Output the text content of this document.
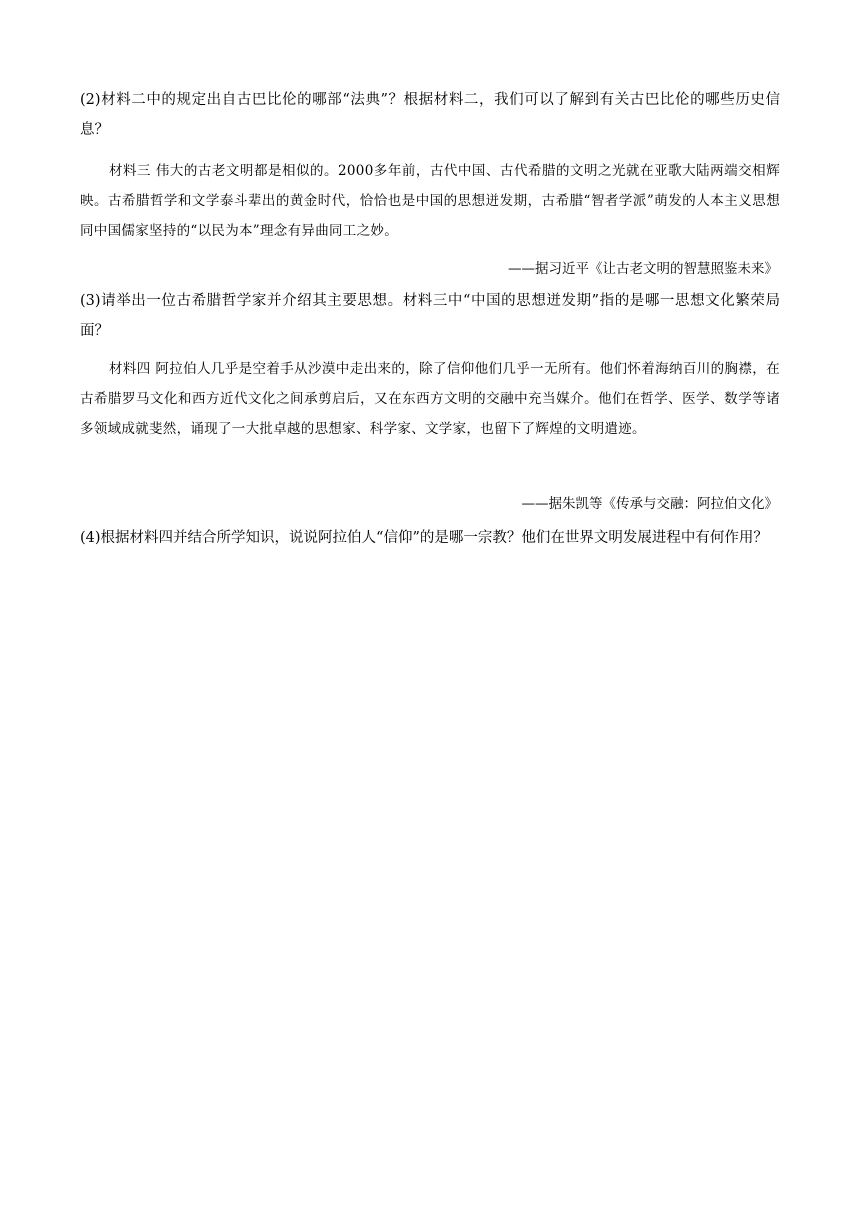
(2)材料二中的规定出自古巴比伦的哪部“法典”？根据材料二，我们可以了解到有关古巴比伦的哪些历史信息？

材料三 伟大的古老文明都是相似的。2000多年前，古代中国、古代希腊的文明之光就在亚歌大陆两端交相辉映。古希腊哲学和文学泰斗辈出的黄金时代，恰恰也是中国的思想迸发期，古希腊“智者学派”萌发的人本主义思想同中国儒家坚持的“以民为本”理念有异曲同工之妙。

——据习近平《让古老文明的智慧照鉴未来》

(3)请举出一位古希腊哲学家并介绍其主要思想。材料三中“中国的思想迸发期”指的是哪一思想文化繁荣局面？

材料四 阿拉伯人几乎是空着手从沙漠中走出来的，除了信仰他们几乎一无所有。他们怀着海纳百川的胸襟，在古希腊罗马文化和西方近代文化之间承剪启后，又在东西方文明的交融中充当媒介。他们在哲学、医学、数学等诸多领域成就斐然，诵现了一大批卓越的思想家、科学家、文学家，也留下了辉煌的文明遣迹。

——据朱凯等《传承与交融：阿拉伯文化》

(4)根据材料四并结合所学知识，说说阿拉伯人“信仰”的是哪一宗教？他们在世界文明发展进程中有何作用？
